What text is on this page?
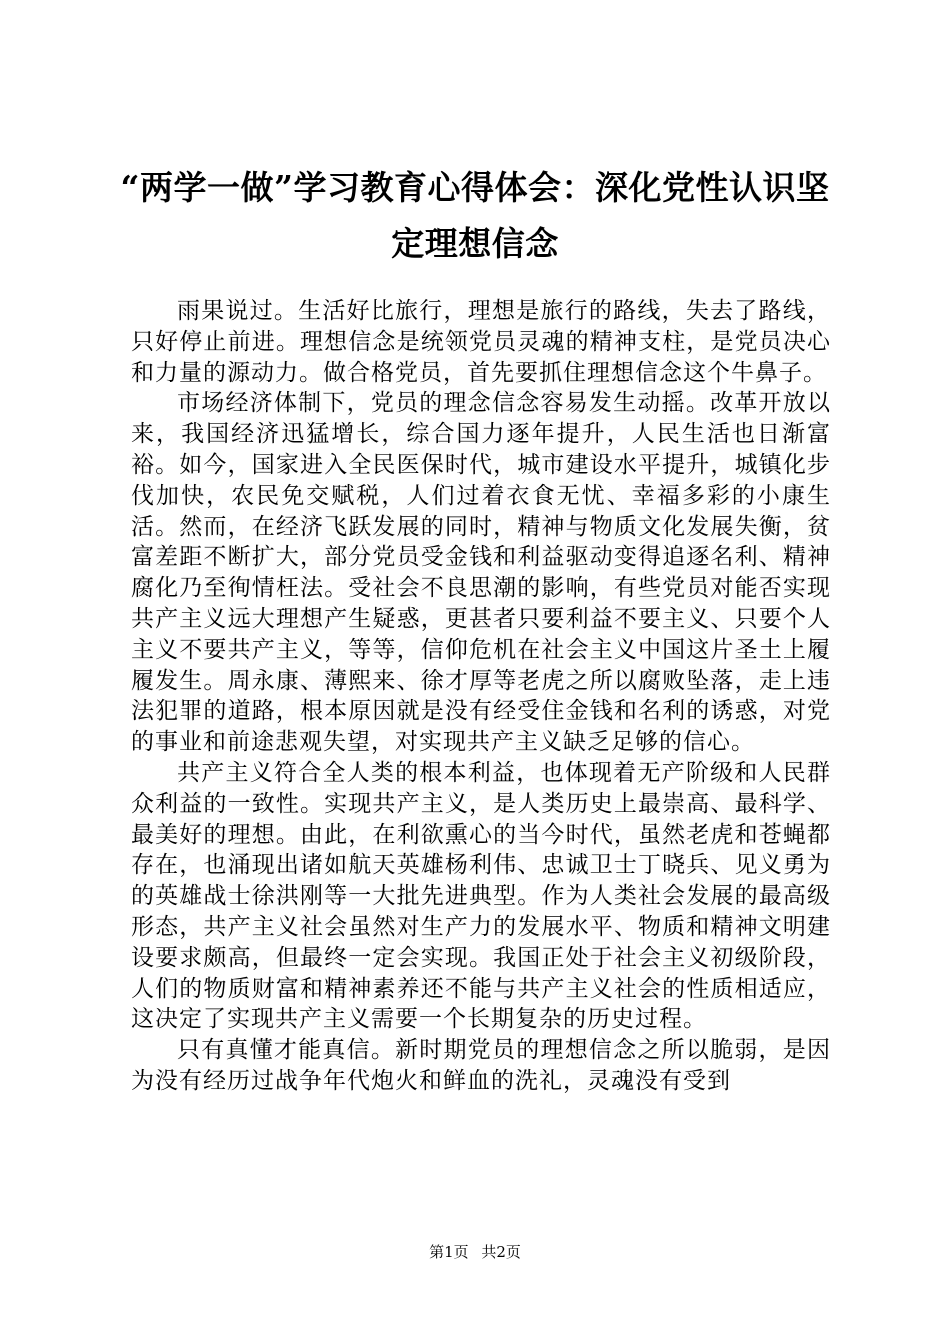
“两学一做”学习教育心得体会：深化党性认识坚定理想信念

雨果说过。生活好比旅行，理想是旅行的路线，失去了路线，只好停止前进。理想信念是统领党员灵魂的精神支柱，是党员决心和力量的源动力。做合格党员，首先要抓住理想信念这个牛鼻子。

市场经济体制下，党员的理念信念容易发生动摇。改革开放以来，我国经济迅猛增长，综合国力逐年提升，人民生活也日渐富裕。如今，国家进入全民医保时代，城市建设水平提升，城镇化步伐加快，农民免交赋税，人们过着衣食无忧、幸福多彩的小康生活。然而，在经济飞跃发展的同时，精神与物质文化发展失衡，贫富差距不断扩大，部分党员受金钱和利益驱动变得追逐名利、精神腐化乃至徇情枉法。受社会不良思潮的影响，有些党员对能否实现共产主义远大理想产生疑惑，更甚者只要利益不要主义、只要个人主义不要共产主义，等等，信仰危机在社会主义中国这片圣土上履履发生。周永康、薄熙来、徐才厚等老虎之所以腐败坠落，走上违法犯罪的道路，根本原因就是没有经受住金钱和名利的诱惑，对党的事业和前途悲观失望，对实现共产主义缺乏足够的信心。

共产主义符合全人类的根本利益，也体现着无产阶级和人民群众利益的一致性。实现共产主义，是人类历史上最崇高、最科学、最美好的理想。由此，在利欲熏心的当今时代，虽然老虎和苍蝇都存在，也涌现出诸如航天英雄杨利伟、忠诚卫士丁晓兵、见义勇为的英雄战士徐洪刚等一大批先进典型。作为人类社会发展的最高级形态，共产主义社会虽然对生产力的发展水平、物质和精神文明建设要求颇高，但最终一定会实现。我国正处于社会主义初级阶段，人们的物质财富和精神素养还不能与共产主义社会的性质相适应，这决定了实现共产主义需要一个长期复杂的历史过程。

只有真懂才能真信。新时期党员的理想信念之所以脆弱，是因为没有经历过战争年代炮火和鲜血的洗礼，灵魂没有受到

第1页 共2页
